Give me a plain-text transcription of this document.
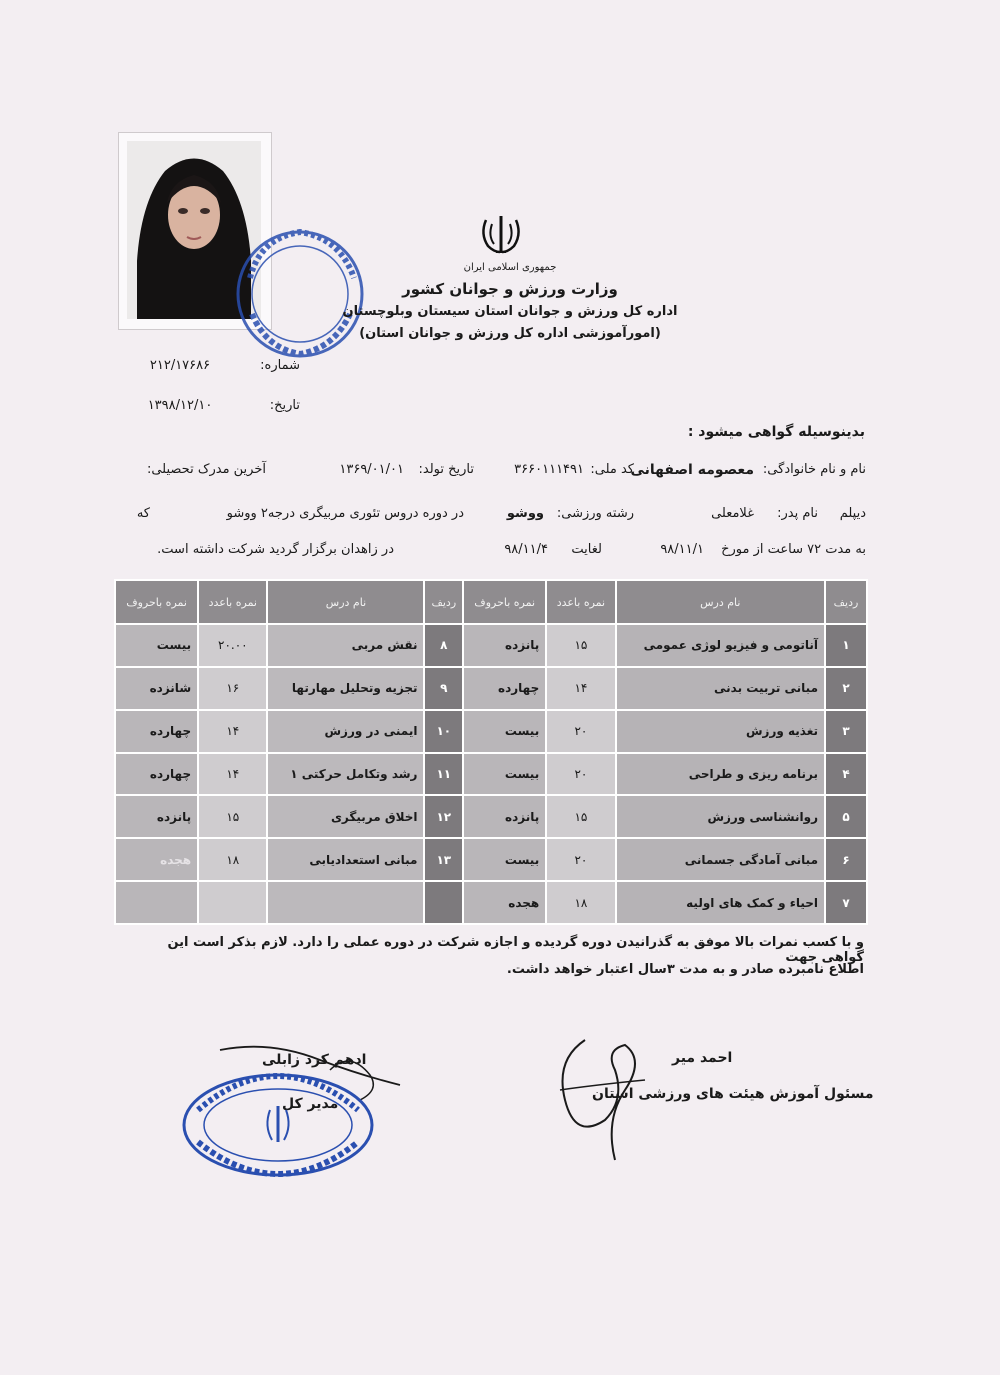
جمهوری اسلامی ایران
وزارت ورزش و جوانان کشور
اداره کل ورزش و جوانان استان سیستان وبلوچستان
(امورآموزشی اداره کل ورزش و جوانان استان)
شماره:
۲۱۲/۱۷۶۸۶
تاریخ:
۱۳۹۸/۱۲/۱۰
بدینوسیله گواهی میشود :
نام و نام خانوادگی:
معصومه اصفهانی
کد ملی:
۳۶۶۰۱۱۱۴۹۱
تاریخ تولد:
۱۳۶۹/۰۱/۰۱
آخرین مدرک تحصیلی:
دیپلم
نام پدر:
غلامعلی
رشته ورزشی:
ووشو
در دوره دروس تئوری مربیگری درجه۲ ووشو
که
به مدت ۷۲ ساعت از مورخ
۹۸/۱۱/۱
لغایت
۹۸/۱۱/۴
در زاهدان برگزار گردید شرکت داشته است.
ردیف	نام درس	نمره باعدد	نمره باحروف	ردیف	نام درس	نمره باعدد	نمره باحروف
۱	آناتومی و فیزیو لوژی عمومی	۱۵	پانزده	۸	نقش مربی	۲۰.۰۰	بیست
۲	مبانی تربیت بدنی	۱۴	چهارده	۹	تجزیه وتحلیل مهارتها	۱۶	شانزده
۳	تغذیه ورزش	۲۰	بیست	۱۰	ایمنی در ورزش	۱۴	چهارده
۴	برنامه ریزی و طراحی	۲۰	بیست	۱۱	رشد وتکامل حرکتی ۱	۱۴	چهارده
۵	روانشناسی ورزش	۱۵	پانزده	۱۲	اخلاق مربیگری	۱۵	پانزده
۶	مبانی آمادگی جسمانی	۲۰	بیست	۱۳	مبانی استعدادیابی	۱۸	هجده
۷	احیاء و کمک های اولیه	۱۸	هجده				
و با کسب نمرات بالا موفق به گذرانیدن دوره گردیده و اجازه شرکت در دوره عملی را دارد. لازم بذکر است این گواهی جهت
اطلاع نامبرده صادر و به مدت ۳سال اعتبار خواهد داشت.
احمد میر
مسئول آموزش هیئت های ورزشی استان
ادهم کرد زابلی
مدیر کل
